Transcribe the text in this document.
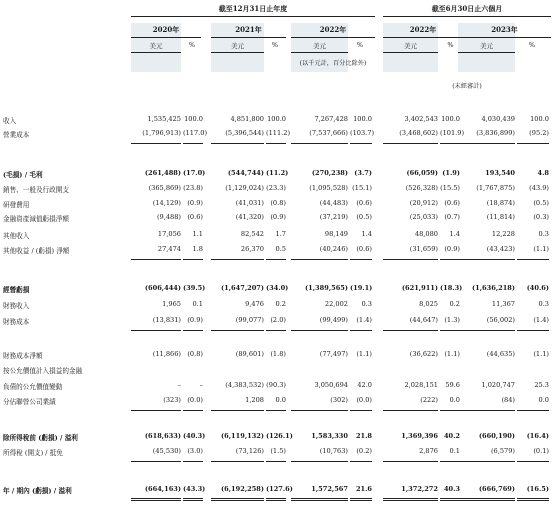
截至12月31日止年度	截至6月30日止六個月
2020年	2021年	2022年	2022年	2023年
美元	%	美元	%	美元	%	美元	%	美元	%
(以千元計，百分比除外)
(未經審計)
收入	1,535,425 100.0	4,851,800 100.0	7,267,428 100.0	3,402,543 100.0	4,030,439	100.0
營業成本	(1,796,913) (117.0)	(5,396,544) (111.2)	(7,537,666) (103.7)	(3,468,602) (101.9)	(3,836,899)	(95.2)
(毛損) / 毛利	(261,488) (17.0)	(544,744) (11.2)	(270,238) (3.7)	(66,059) (1.9)	193,540	4.8
銷售、一般及行政開支	(365,869) (23.8)	(1,129,024) (23.3)	(1,095,528) (15.1)	(526,328) (15.5)	(1,767,875)	(43.9)
研發費用	(14,129) (0.9)	(41,031) (0.8)	(44,483)	(0.6)	(20,912) (0.6)	(18,874)	(0.5)
金融資產減值虧損淨額	(9,488) (0.6)	(41,320) (0.9)	(37,219)	(0.5)	(25,033) (0.7)	(11,814)	(0.3)
其他收入	17,056	1.1	82,542	1.7	98,149	1.4	48,080	1.4	12,228	0.3
其他收益 / (虧損) 淨額	27,474	1.8	26,370	0.5	(40,246)	(0.6)	(31,659) (0.9)	(43,423)	(1.1)
經營虧損	(606,444) (39.5)	(1,647,207) (34.0)	(1,389,565) (19.1)	(621,911) (18.3)	(1,636,218)	(40.6)
財務收入	1,965	0.1	9,476	0.2	22,002	0.3	8,025	0.2	11,367	0.3
財務成本	(13,831) (0.9)	(99,077) (2.0)	(99,499)	(1.4)	(44,647) (1.3)	(56,002)	(1.4)
財務成本淨額	(11,866) (0.8)	(89,601) (1.8)	(77,497)	(1.1)	(36,622) (1.1)	(44,635)	(1.1)
按公允價值計入損益的金融
負債的公允價值變動	–	–	(4,383,532) (90.3)	3,050,694	42.0	2,028,151	59.6	1,020,747	25.3
分佔聯營公司業績	(323) (0.0)	1,208	0.0	(302)	(0.0)	(222)	0.0	(84)	0.0
除所得稅前 (虧損) / 溢利	(618,633) (40.3)	(6,119,132) (126.1)	1,583,330	21.8	1,369,396 40.2	(660,190)	(16.4)
所得稅 (開支) / 抵免	(45,530) (3.0)	(73,126) (1.5)	(10,763)	(0.2)	2,876	0.1	(6,579)	(0.1)
年 / 期內 (虧損) / 溢利	(664,163) (43.3)	(6,192,258) (127.6)	1,572,567	21.6	1,372,272 40.3	(666,769)	(16.5)
